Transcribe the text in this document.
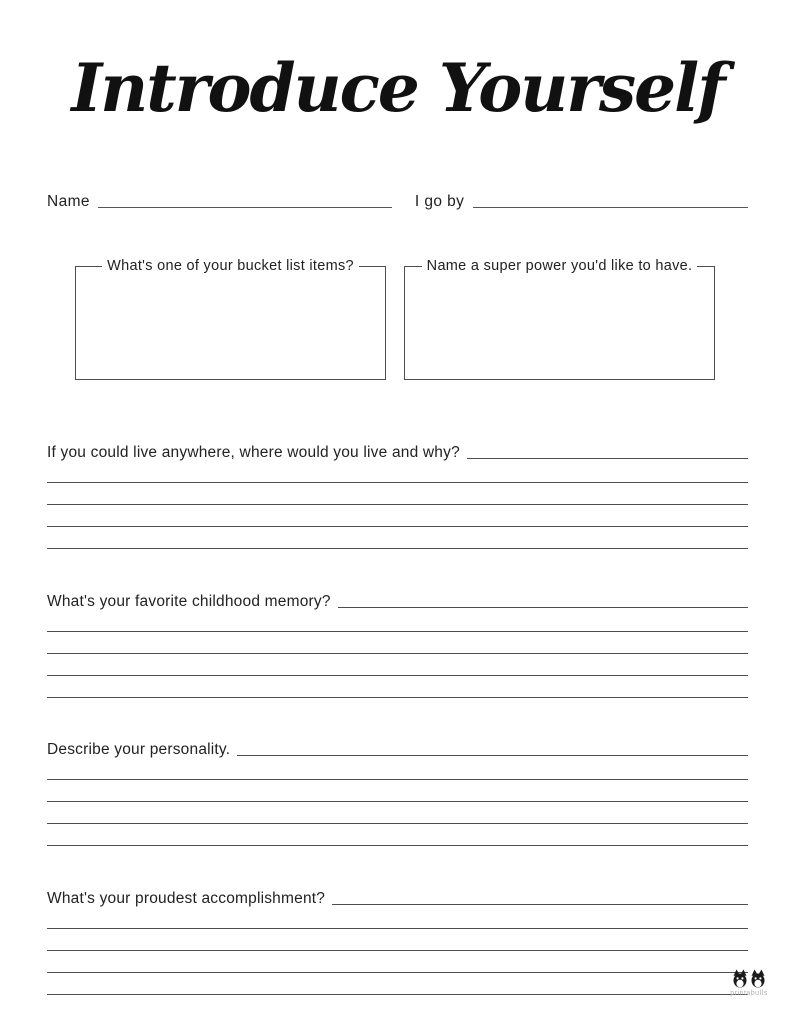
Introduce Yourself
Name	I go by
What's one of your bucket list items?	Name a super power you'd like to have.
If you could live anywhere, where would you live and why?
What's your favorite childhood memory?
Describe your personality.
What's your proudest accomplishment?
printabulls
